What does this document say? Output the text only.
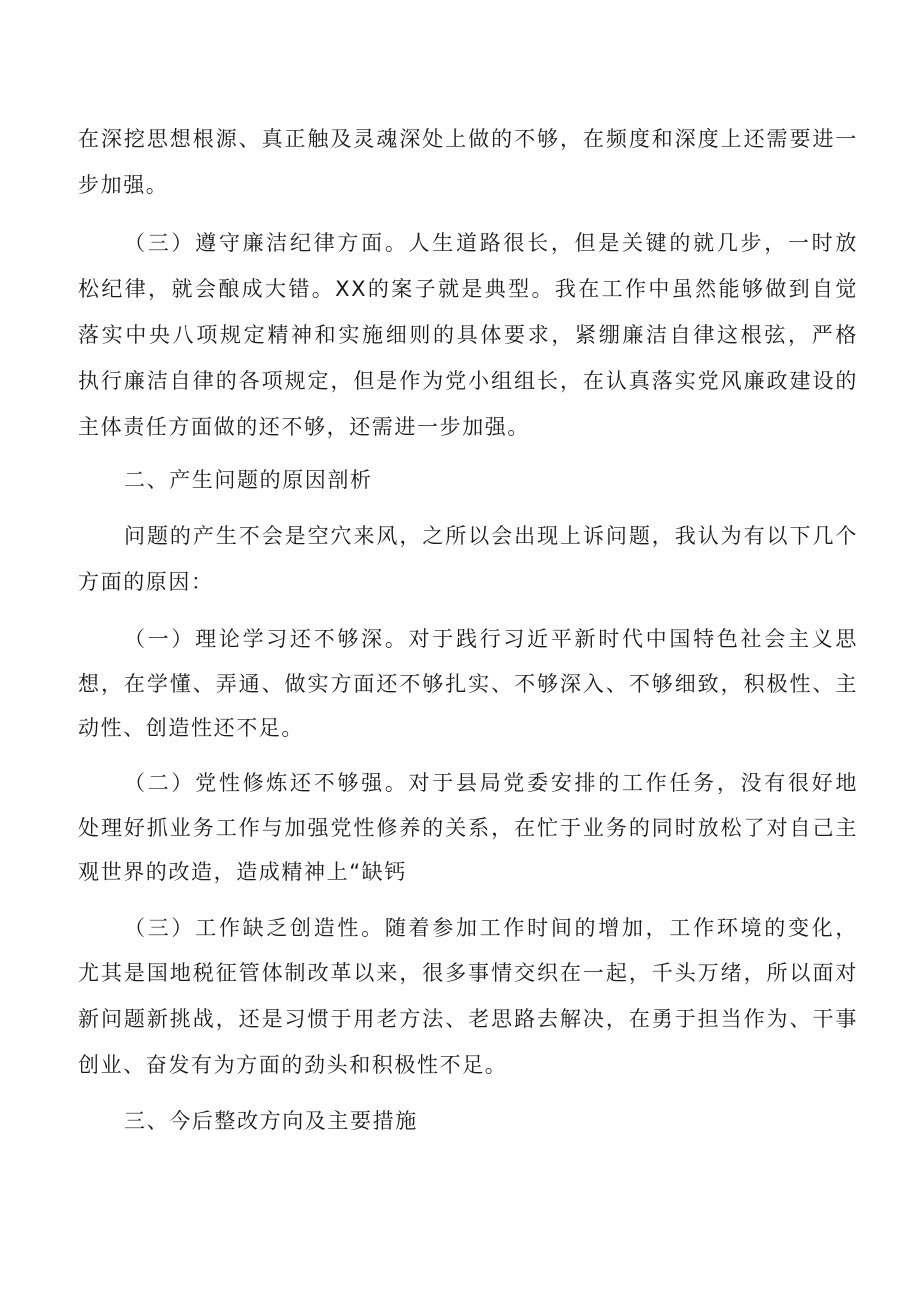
在深挖思想根源、真正触及灵魂深处上做的不够，在频度和深度上还需要进一
步加强。
（三）遵守廉洁纪律方面。人生道路很长，但是关键的就几步，一时放
松纪律，就会酿成大错。XX的案子就是典型。我在工作中虽然能够做到自觉
落实中央八项规定精神和实施细则的具体要求，紧绷廉洁自律这根弦，严格
执行廉洁自律的各项规定，但是作为党小组组长，在认真落实党风廉政建设的
主体责任方面做的还不够，还需进一步加强。
二、产生问题的原因剖析
问题的产生不会是空穴来风，之所以会出现上诉问题，我认为有以下几个
方面的原因：
（一）理论学习还不够深。对于践行习近平新时代中国特色社会主义思
想，在学懂、弄通、做实方面还不够扎实、不够深入、不够细致，积极性、主
动性、创造性还不足。
（二）党性修炼还不够强。对于县局党委安排的工作任务，没有很好地
处理好抓业务工作与加强党性修养的关系，在忙于业务的同时放松了对自己主
观世界的改造，造成精神上“缺钙
（三）工作缺乏创造性。随着参加工作时间的增加，工作环境的变化，
尤其是国地税征管体制改革以来，很多事情交织在一起，千头万绪，所以面对
新问题新挑战，还是习惯于用老方法、老思路去解决，在勇于担当作为、干事
创业、奋发有为方面的劲头和积极性不足。
三、今后整改方向及主要措施
